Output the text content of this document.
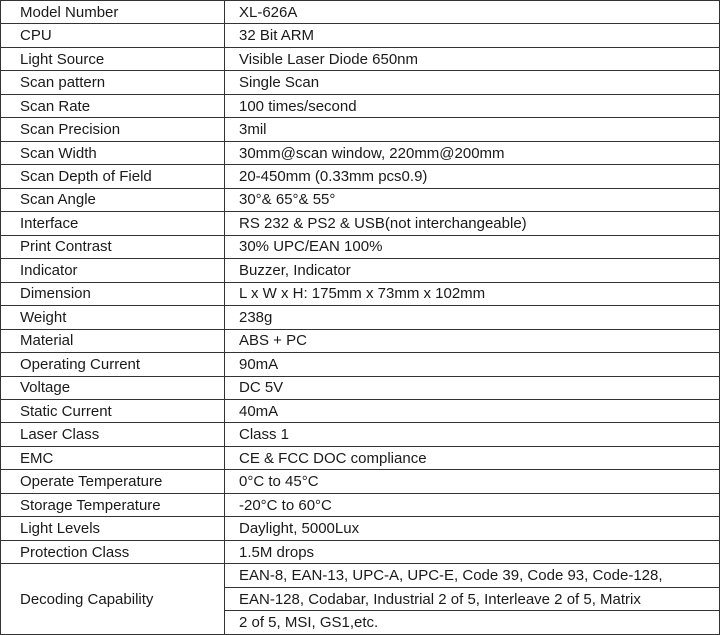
Model Number	XL-626A
CPU	32 Bit ARM
Light Source	Visible Laser Diode 650nm
Scan pattern	Single Scan
Scan Rate	100 times/second
Scan Precision	3mil
Scan Width	30mm@scan window, 220mm@200mm
Scan Depth of Field	20-450mm (0.33mm pcs0.9)
Scan Angle	30°& 65°& 55°
Interface	RS 232 & PS2 & USB(not interchangeable)
Print Contrast	30% UPC/EAN 100%
Indicator	Buzzer, Indicator
Dimension	L x W x H: 175mm x 73mm x 102mm
Weight	238g
Material	ABS + PC
Operating Current	90mA
Voltage	DC 5V
Static Current	40mA
Laser Class	Class 1
EMC	CE & FCC DOC compliance
Operate Temperature	0°C to 45°C
Storage Temperature	-20°C to 60°C
Light Levels	Daylight, 5000Lux
Protection Class	1.5M drops
Decoding Capability	EAN-8, EAN-13, UPC-A, UPC-E, Code 39, Code 93, Code-128,
	EAN-128, Codabar, Industrial 2 of 5, Interleave 2 of 5, Matrix
	2 of 5, MSI, GS1,etc.
